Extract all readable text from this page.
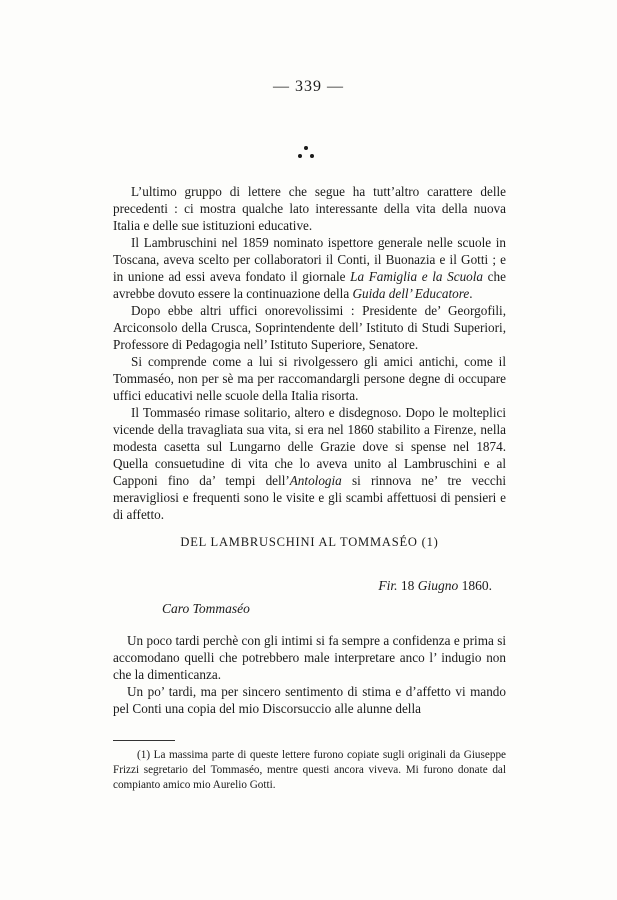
— 339 —

L’ultimo gruppo di lettere che segue ha tutt’altro carattere delle precedenti : ci mostra qualche lato interessante della vita della nuova Italia e delle sue istituzioni educative.

Il Lambruschini nel 1859 nominato ispettore generale nelle scuole in Toscana, aveva scelto per collaboratori il Conti, il Buonazia e il Gotti ; e in unione ad essi aveva fondato il giornale La Famiglia e la Scuola che avrebbe dovuto essere la continuazione della Guida dell’ Educatore.

Dopo ebbe altri uffici onorevolissimi : Presidente de’ Georgofili, Arciconsolo della Crusca, Soprintendente dell’ Istituto di Studi Superiori, Professore di Pedagogia nell’ Istituto Superiore, Senatore.

Si comprende come a lui si rivolgessero gli amici antichi, come il Tommaséo, non per sè ma per raccomandargli persone degne di occupare uffici educativi nelle scuole della Italia risorta.

Il Tommaséo rimase solitario, altero e disdegnoso. Dopo le molteplici vicende della travagliata sua vita, si era nel 1860 stabilito a Firenze, nella modesta casetta sul Lungarno delle Grazie dove si spense nel 1874. Quella consuetudine di vita che lo aveva unito al Lambruschini e al Capponi fino da’ tempi dell’Antologia si rinnova ne’ tre vecchi meravigliosi e frequenti sono le visite e gli scambi affettuosi di pensieri e di affetto.

DEL LAMBRUSCHINI AL TOMMASÉO (1)
Fir. 18 Giugno 1860.
Caro Tommaséo

Un poco tardi perchè con gli intimi si fa sempre a confidenza e prima si accomodano quelli che potrebbero male interpretare anco l’ indugio non che la dimenticanza.

Un po’ tardi, ma per sincero sentimento di stima e d’affetto vi mando pel Conti una copia del mio Discorsuccio alle alunne della

(1) La massima parte di queste lettere furono copiate sugli originali da Giuseppe Frizzi segretario del Tommaséo, mentre questi ancora viveva. Mi furono donate dal compianto amico mio Aurelio Gotti.
